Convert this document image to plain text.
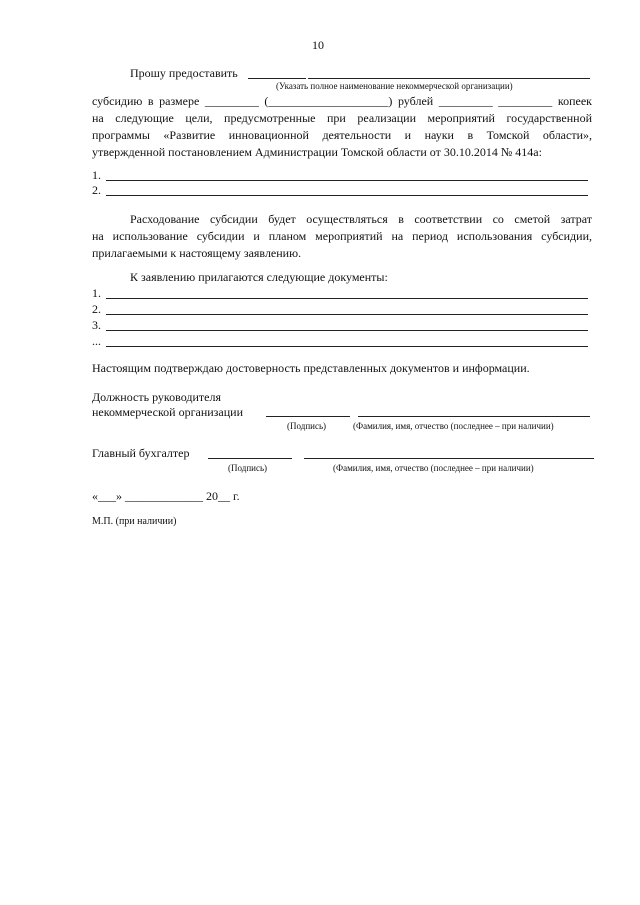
10
Прошу предоставить
(Указать полное наименование некоммерческой организации)
субсидию в размере _________ (____________________) рублей _________ _________ копеек
на следующие цели, предусмотренные при реализации мероприятий государственной
программы «Развитие инновационной деятельности и науки в Томской области»,
утвержденной постановлением Администрации Томской области от 30.10.2014 № 414а:
1.
2.
Расходование субсидии будет осуществляться в соответствии со сметой затрат
на использование субсидии и планом мероприятий на период использования субсидии,
прилагаемыми к настоящему заявлению.
К заявлению прилагаются следующие документы:
1.
2.
3.
...
Настоящим подтверждаю достоверность представленных документов и информации.
Должность руководителя
некоммерческой организации
(Подпись)	(Фамилия, имя, отчество (последнее – при наличии)
Главный бухгалтер
(Подпись)	(Фамилия, имя, отчество (последнее – при наличии)
«___» _____________ 20__ г.
М.П. (при наличии)
